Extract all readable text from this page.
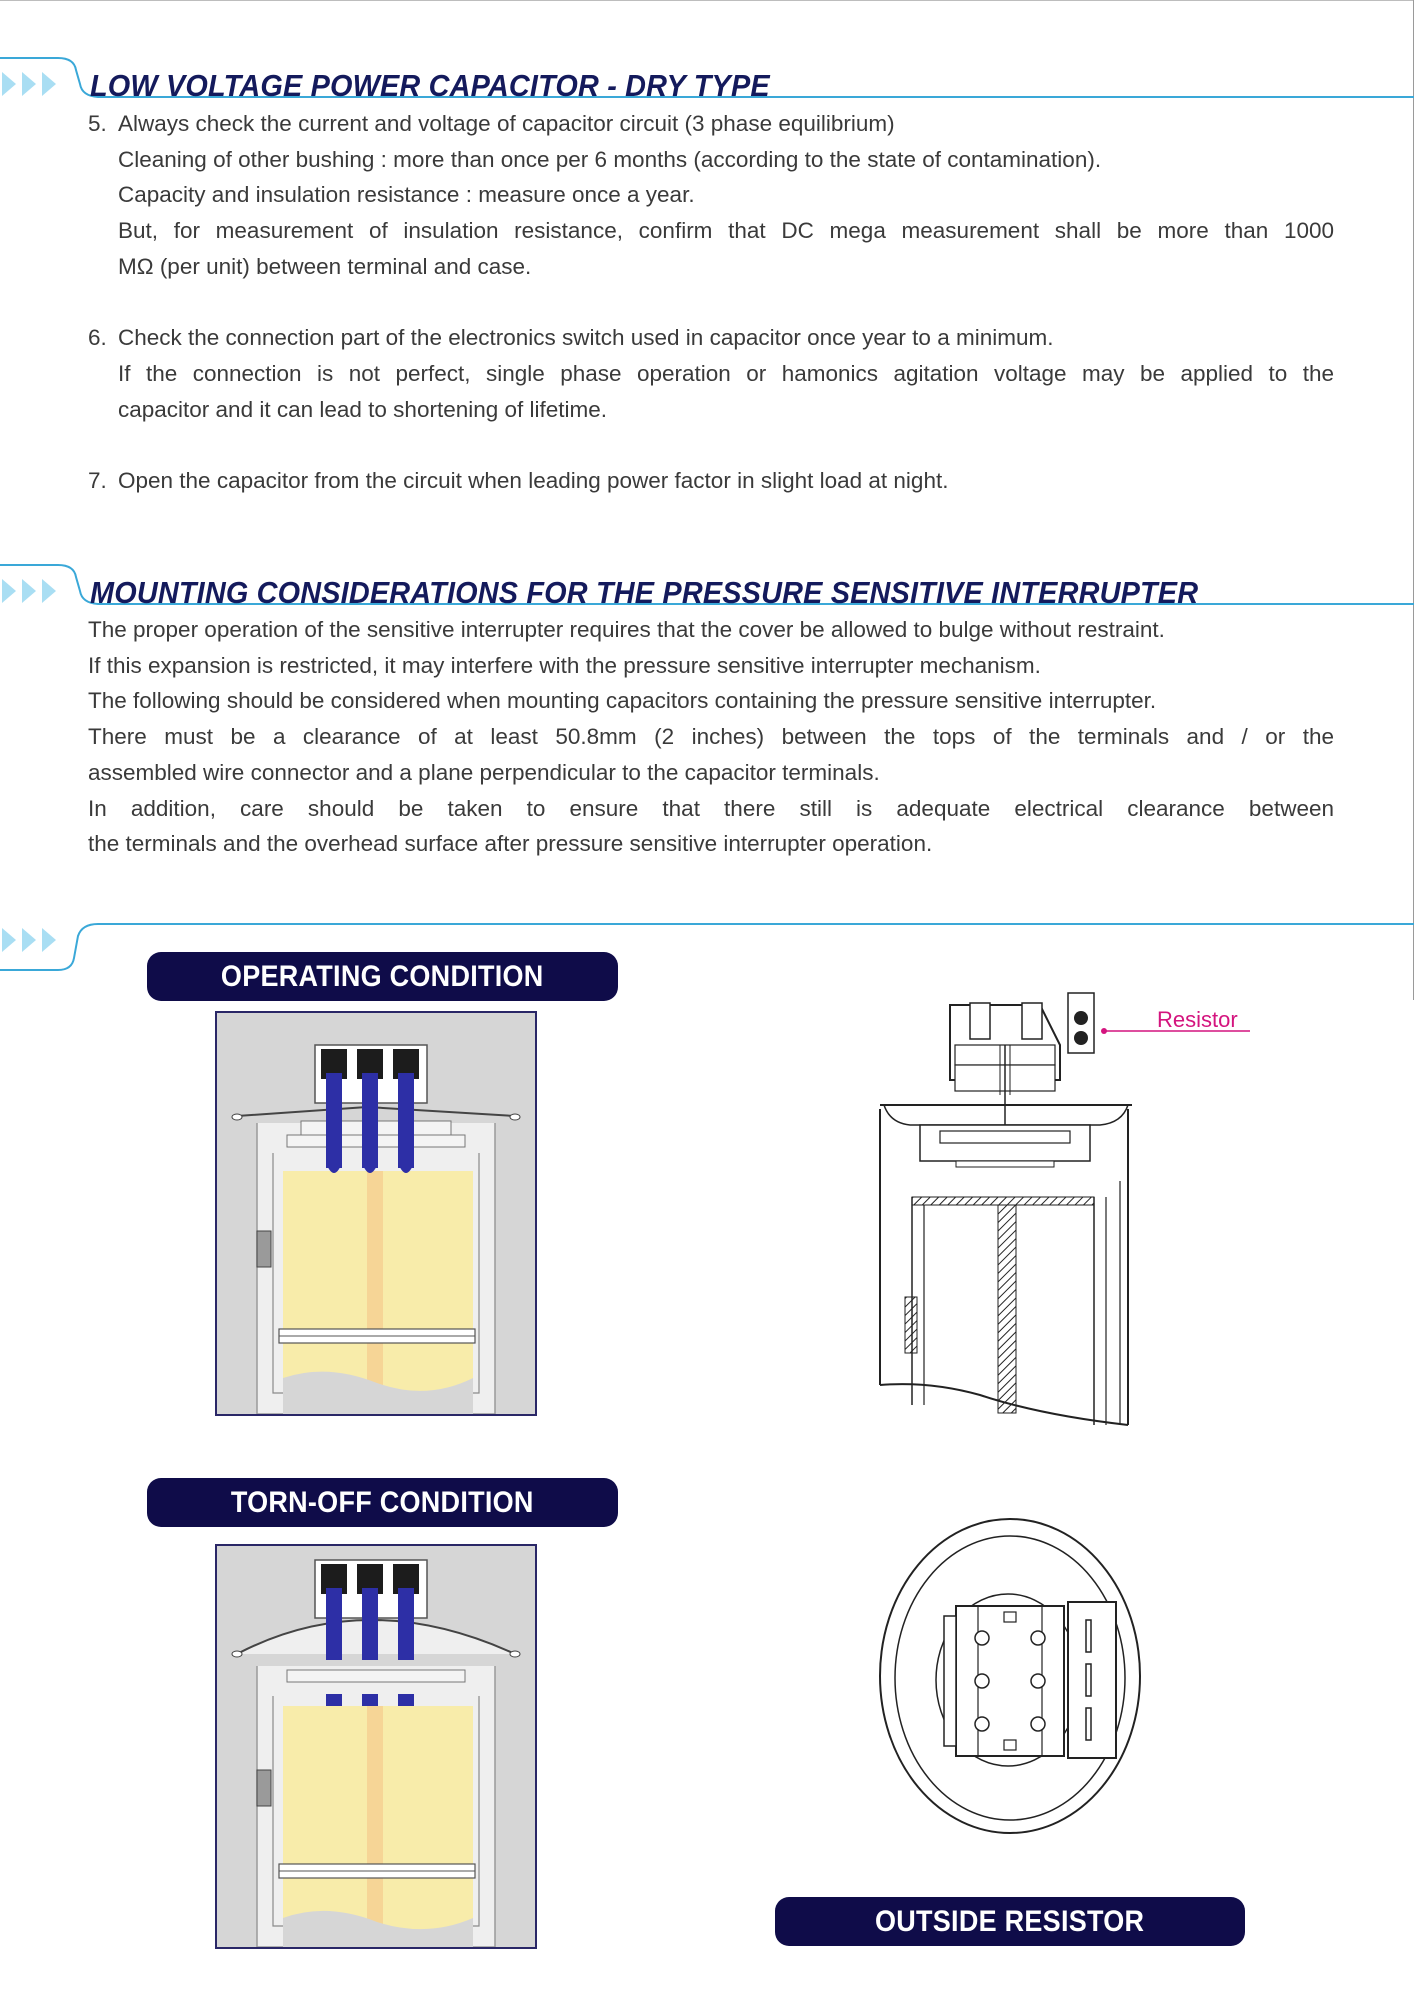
LOW VOLTAGE POWER CAPACITOR - DRY TYPE
5. Always check the current and voltage of capacitor circuit (3 phase equilibrium)
Cleaning of other bushing : more than once per 6 months (according to the state of contamination).
Capacity and insulation resistance : measure once a year.
But, for measurement of insulation resistance, confirm that DC mega measurement shall be more than 1000
MΩ (per unit) between terminal and case.
6. Check the connection part of the electronics switch used in capacitor once year to a minimum.
If the connection is not perfect, single phase operation or hamonics agitation voltage may be applied to the
capacitor and it can lead to shortening of lifetime.
7. Open the capacitor from the circuit when leading power factor in slight load at night.
MOUNTING CONSIDERATIONS FOR THE PRESSURE SENSITIVE INTERRUPTER
The proper operation of the sensitive interrupter requires that the cover be allowed to bulge without restraint.
If this expansion is restricted, it may interfere with the pressure sensitive interrupter mechanism.
The following should be considered when mounting capacitors containing the pressure sensitive interrupter.
There must be a clearance of at least 50.8mm (2 inches) between the tops of the terminals and / or the
assembled wire connector and a plane perpendicular to the capacitor terminals.
In addition, care should be taken to ensure that there still is adequate electrical clearance between
the terminals and the overhead surface after pressure sensitive interrupter operation.
OPERATING CONDITION
TORN-OFF CONDITION
OUTSIDE RESISTOR
Resistor
